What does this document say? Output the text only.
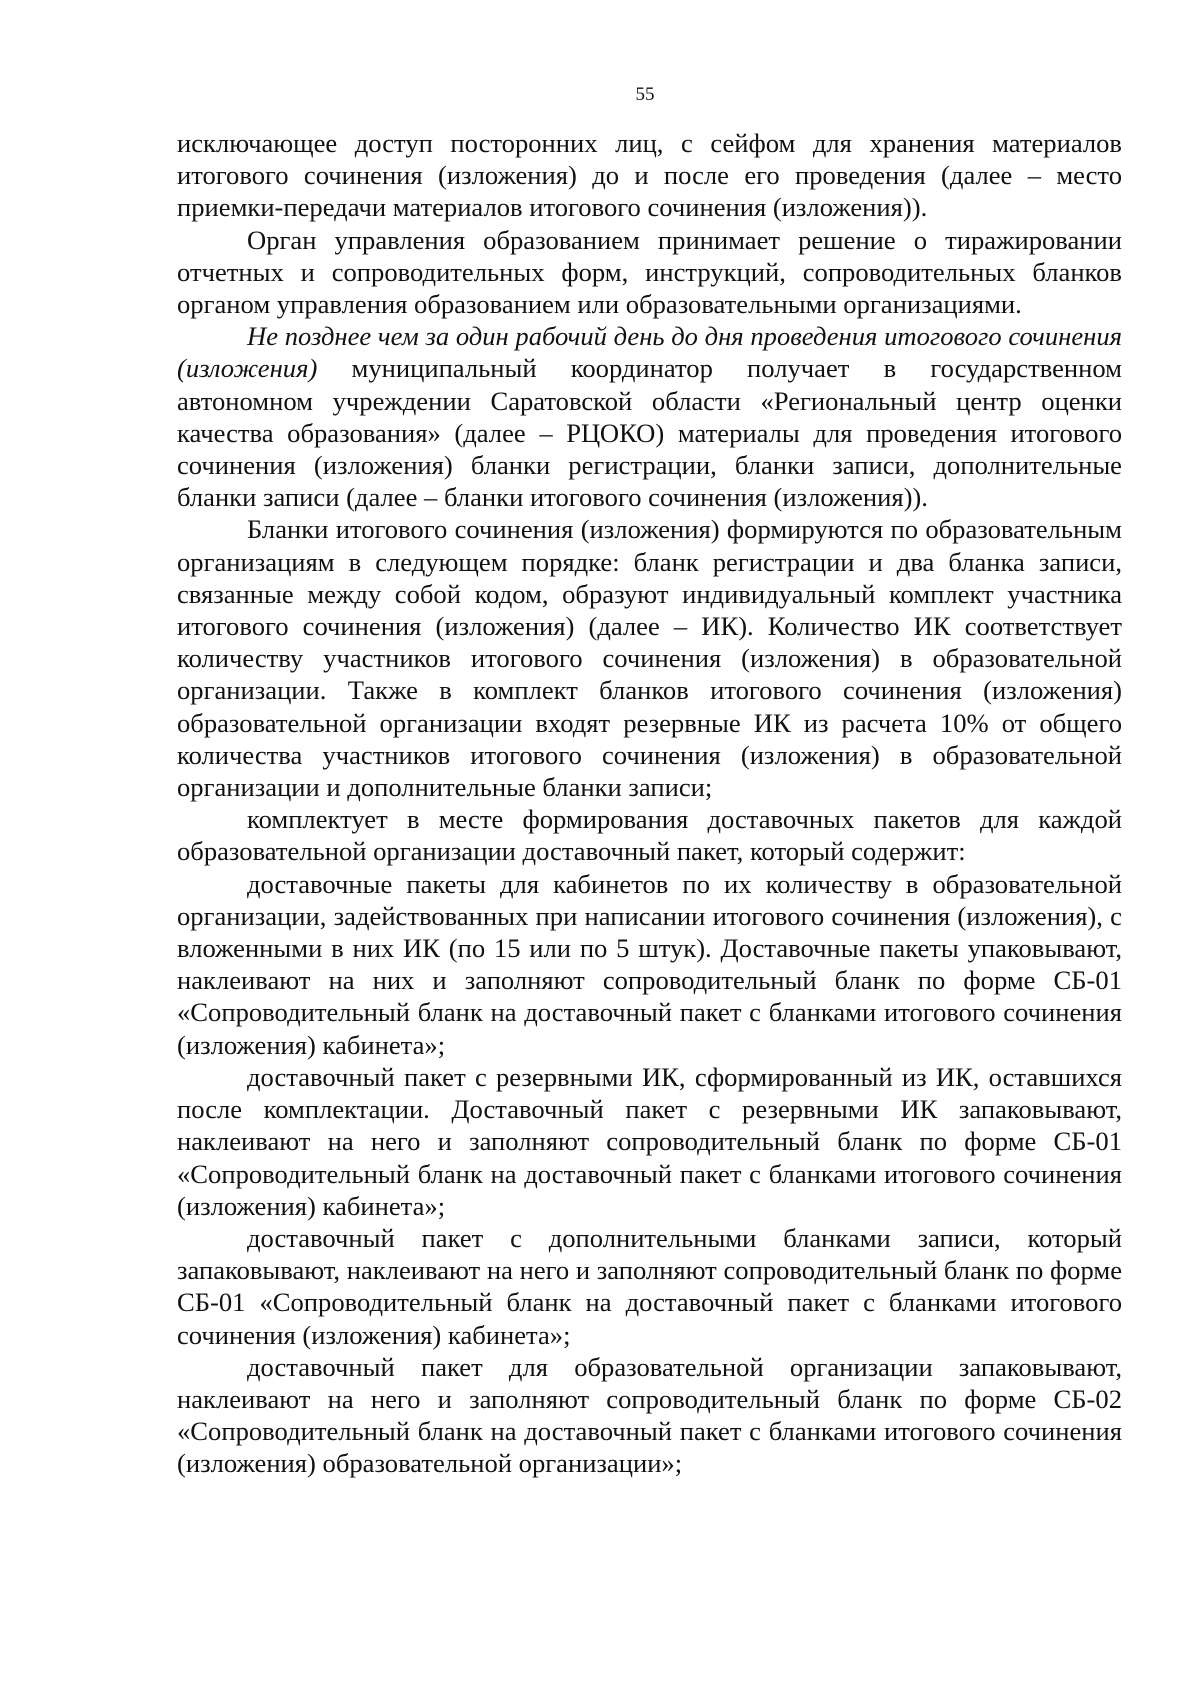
55

исключающее доступ посторонних лиц, с сейфом для хранения материалов итогового сочинения (изложения) до и после его проведения (далее – место приемки-передачи материалов итогового сочинения (изложения)).

Орган управления образованием принимает решение о тиражировании отчетных и сопроводительных форм, инструкций, сопроводительных бланков органом управления образованием или образовательными организациями.

Не позднее чем за один рабочий день до дня проведения итогового сочинения (изложения) муниципальный координатор получает в государственном автономном учреждении Саратовской области «Региональный центр оценки качества образования» (далее – РЦОКО) материалы для проведения итогового сочинения (изложения) бланки регистрации, бланки записи, дополнительные бланки записи (далее – бланки итогового сочинения (изложения)).

Бланки итогового сочинения (изложения) формируются по образовательным организациям в следующем порядке: бланк регистрации и два бланка записи, связанные между собой кодом, образуют индивидуальный комплект участника итогового сочинения (изложения) (далее – ИК). Количество ИК соответствует количеству участников итогового сочинения (изложения) в образовательной организации. Также в комплект бланков итогового сочинения (изложения) образовательной организации входят резервные ИК из расчета 10% от общего количества участников итогового сочинения (изложения) в образовательной организации и дополнительные бланки записи;

комплектует в месте формирования доставочных пакетов для каждой образовательной организации доставочный пакет, который содержит:

доставочные пакеты для кабинетов по их количеству в образовательной организации, задействованных при написании итогового сочинения (изложения), с вложенными в них ИК (по 15 или по 5 штук). Доставочные пакеты упаковывают, наклеивают на них и заполняют сопроводительный бланк по форме СБ-01 «Сопроводительный бланк на доставочный пакет с бланками итогового сочинения (изложения) кабинета»;

доставочный пакет с резервными ИК, сформированный из ИК, оставшихся после комплектации. Доставочный пакет с резервными ИК запаковывают, наклеивают на него и заполняют сопроводительный бланк по форме СБ-01 «Сопроводительный бланк на доставочный пакет с бланками итогового сочинения (изложения) кабинета»;

доставочный пакет с дополнительными бланками записи, который запаковывают, наклеивают на него и заполняют сопроводительный бланк по форме СБ-01 «Сопроводительный бланк на доставочный пакет с бланками итогового сочинения (изложения) кабинета»;

доставочный пакет для образовательной организации запаковывают, наклеивают на него и заполняют сопроводительный бланк по форме СБ-02 «Сопроводительный бланк на доставочный пакет с бланками итогового сочинения (изложения) образовательной организации»;
